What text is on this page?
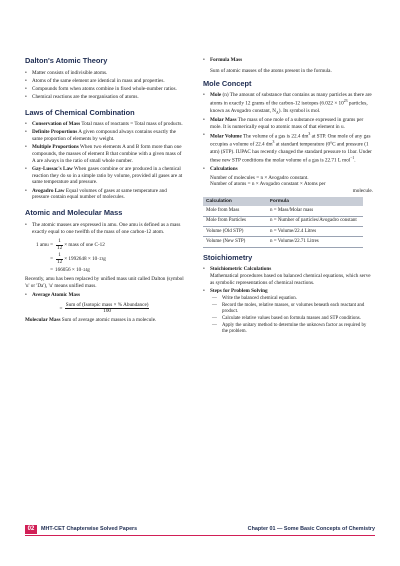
Dalton's Atomic Theory
• Matter consists of indivisible atoms.
• Atoms of the same element are identical in mass and properties.
• Compounds form when atoms combine in fixed whole-number ratios.
• Chemical reactions are the reorganisation of atoms.
Laws of Chemical Combination
• Conservation of Mass Total mass of reactants = Total mass of products.
• Definite Proportions A given compound always contains exactly the same proportion of elements by weight.
• Multiple Proportions When two elements A and B form more than one compounds, the masses of element B that combine with a given mass of A are always in the ratio of small whole number.
• Gay-Lussac's Law When gases combine or are produced in a chemical reaction they do so in a simple ratio by volume, provided all gases are at same temperature and pressure.
• Avogadro Law Equal volumes of gases at same temperature and pressure contain equal number of molecules.
Atomic and Molecular Mass
• The atomic masses are expressed in amu. One amu is defined as a mass exactly equal to one twelfth of the mass of one carbon-12 atom.
1 amu = $\frac{1}{12}$ × mass of one C-12
= $\frac{1}{12} \times 1992648 \times 10 -23$ g
= 166056 × 10 −24 g

Recently, amu has been replaced by unified mass unit called Dalton (symbol 'u' or 'Da'), 'u' means unified mass.

• Average Atomic Mass
= $\frac{\text{Sum of (Isotopic mass × \% Abundance)}}{100}$

Molecular Mass Sum of average atomic masses in a molecule.

• Formula Mass

Sum of atomic masses of the atoms present in the formula.

Mole Concept
• Mole (n) The amount of substance that contains as many particles as there are atoms in exactly 12 grams of the carbon-12 isotopes ($6.022 \times 10^{23}$ particles, known as Avogadro constant, $N_A$). Its symbol is mol.
• Molar Mass The mass of one mole of a substance expressed in grams per mole. It is numerically equal to atomic mass of that element in u.
• Molar Volume The volume of a gas is 22.4 $dm^3$ at STP. One mole of any gas occupies a volume of 22.4 $dm^3$ at standard temperature (0°C and pressure (1 atm) (STP). IUPAC has recently changed the standard pressure to 1bar. Under these new STP conditions the molar volume of a gas is 22.71 L mol$^{-1}$.
• Calculations
Number of molecules = n × Avogadro constant.
Number of atoms = n × Avogadro constant × Atoms per
molecule.
Calculation	Formula
Mole from Mass	n = Mass/Molar mass
Mole from Particles	n = Number of particles/Avogadro constant
Volume (Old STP)	n = Volume/22.4 Litres
Volume (New STP)	n = Volume/22.71 Litres
Stoichiometry
• Stoichiometric Calculations
Mathematical procedures based on balanced chemical equations, which serve as symbolic representations of chemical reactions.
• Steps for Problem Solving
— Write the balanced chemical equation.
— Record the moles, relative masses, or volumes beneath each reactant and product.
— Calculate relative values based on formula masses and STP conditions.
— Apply the unitary method to determine the unknown factor as required by the problem.
02	MHT-CET Chapterwise Solved Papers	Chapter 01 — Some Basic Concepts of Chemistry
